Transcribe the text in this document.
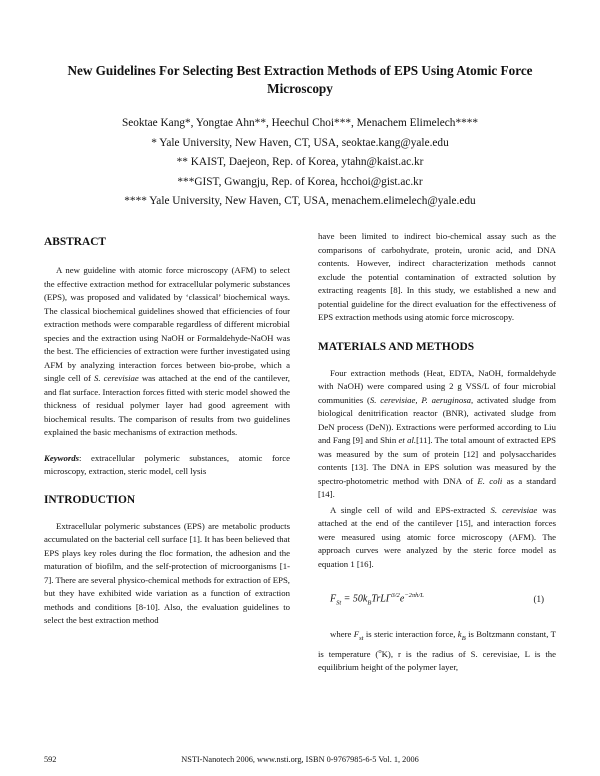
New Guidelines For Selecting Best Extraction Methods of EPS Using Atomic Force Microscopy
Seoktae Kang*, Yongtae Ahn**, Heechul Choi***, Menachem Elimelech****
* Yale University, New Haven, CT, USA, seoktae.kang@yale.edu
** KAIST, Daejeon, Rep. of Korea, ytahn@kaist.ac.kr
***GIST, Gwangju, Rep. of Korea, hcchoi@gist.ac.kr
**** Yale University, New Haven, CT, USA, menachem.elimelech@yale.edu
ABSTRACT

A new guideline with atomic force microscopy (AFM) to select the effective extraction method for extracellular polymeric substances (EPS), was proposed and validated by ‘classical’ biochemical ways. The classical biochemical guidelines showed that efficiencies of four extraction methods were comparable regardless of different microbial species and the extraction using NaOH or Formaldehyde-NaOH was the best. The efficiencies of extraction were further investigated using AFM by analyzing interaction forces between bio-probe, which a single cell of S. cerevisiae was attached at the end of the cantilever, and flat surface. Interaction forces fitted with steric model showed the thickness of residual polymer layer had good agreement with biochemical results. The comparison of results from two guidelines explained the basic mechanisms of extraction methods.

Keywords: extracellular polymeric substances, atomic force microscopy, extraction, steric model, cell lysis

INTRODUCTION

Extracellular polymeric substances (EPS) are metabolic products accumulated on the bacterial cell surface [1]. It has been believed that EPS plays key roles during the floc formation, the adhesion and the maturation of biofilm, and the self-protection of microorganisms [1-7]. There are several physico-chemical methods for extraction of EPS, but they have exhibited wide variation as a function of extraction methods and conditions [8-10]. Also, the evaluation guidelines to select the best extraction method

have been limited to indirect bio-chemical assay such as the comparisons of carbohydrate, protein, uronic acid, and DNA contents. However, indirect characterization methods cannot exclude the potential contamination of extracted solution by extracting reagents [8]. In this study, we established a new and potential guideline for the direct evaluation for the effectiveness of EPS extraction methods using atomic force microscopy.

MATERIALS AND METHODS

Four extraction methods (Heat, EDTA, NaOH, formaldehyde with NaOH) were compared using 2 g VSS/L of four microbial communities (S. cerevisiae, P. aeruginosa, activated sludge from biological denitrification reactor (BNR), activated sludge from DeN process (DeN)). Extractions were performed according to Liu and Fang [9] and Shin et al.[11]. The total amount of extracted EPS was measured by the sum of protein [12] and polysaccharides contents [13]. The DNA in EPS solution was measured by the spectro-photometric method with DNA of E. coli as a standard [14].

A single cell of wild and EPS-extracted S. cerevisiae was attached at the end of the cantilever [15], and interaction forces were measured using atomic force microscopy (AFM). The approach curves were analyzed by the steric force model as equation 1 [16].

$F_{St} = 50k_BTrL\Gamma^{3/2}e^{-2\pi h/L}$	(1)

where $F_{st}$ is steric interaction force, $k_B$ is Boltzmann constant, T is temperature ($^o$K), r is the radius of S. cerevisiae, L is the equilibrium height of the polymer layer,

592	NSTI-Nanotech 2006, www.nsti.org, ISBN 0-9767985-6-5 Vol. 1, 2006
